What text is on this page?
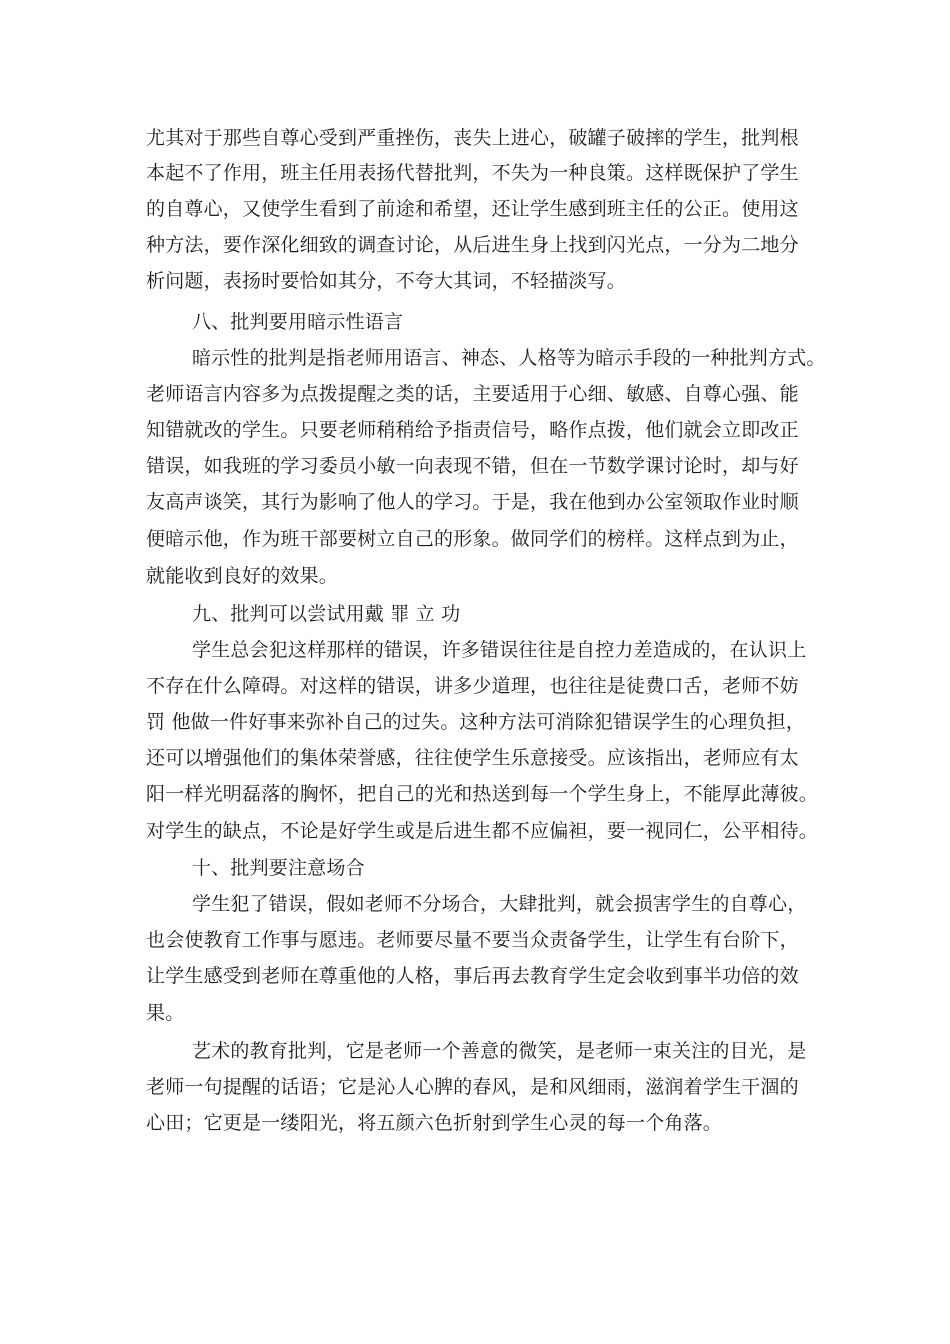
尤其对于那些自尊心受到严重挫伤，丧失上进心，破罐子破摔的学生，批判根
本起不了作用，班主任用表扬代替批判，不失为一种良策。这样既保护了学生
的自尊心，又使学生看到了前途和希望，还让学生感到班主任的公正。使用这
种方法，要作深化细致的调查讨论，从后进生身上找到闪光点，一分为二地分
析问题，表扬时要恰如其分，不夸大其词，不轻描淡写。
八、批判要用暗示性语言
暗示性的批判是指老师用语言、神态、人格等为暗示手段的一种批判方式。
老师语言内容多为点拨提醒之类的话，主要适用于心细、敏感、自尊心强、能
知错就改的学生。只要老师稍稍给予指责信号，略作点拨，他们就会立即改正
错误，如我班的学习委员小敏一向表现不错，但在一节数学课讨论时，却与好
友高声谈笑，其行为影响了他人的学习。于是，我在他到办公室领取作业时顺
便暗示他，作为班干部要树立自己的形象。做同学们的榜样。这样点到为止，
就能收到良好的效果。
九、批判可以尝试用戴 罪 立 功
学生总会犯这样那样的错误，许多错误往往是自控力差造成的，在认识上
不存在什么障碍。对这样的错误，讲多少道理，也往往是徒费口舌，老师不妨
罚 他做一件好事来弥补自己的过失。这种方法可消除犯错误学生的心理负担，
还可以增强他们的集体荣誉感，往往使学生乐意接受。应该指出，老师应有太
阳一样光明磊落的胸怀，把自己的光和热送到每一个学生身上，不能厚此薄彼。
对学生的缺点，不论是好学生或是后进生都不应偏袒，要一视同仁，公平相待。
十、批判要注意场合
学生犯了错误，假如老师不分场合，大肆批判，就会损害学生的自尊心，
也会使教育工作事与愿违。老师要尽量不要当众责备学生，让学生有台阶下，
让学生感受到老师在尊重他的人格，事后再去教育学生定会收到事半功倍的效
果。
艺术的教育批判，它是老师一个善意的微笑，是老师一束关注的目光，是
老师一句提醒的话语；它是沁人心脾的春风，是和风细雨，滋润着学生干涸的
心田；它更是一缕阳光，将五颜六色折射到学生心灵的每一个角落。
